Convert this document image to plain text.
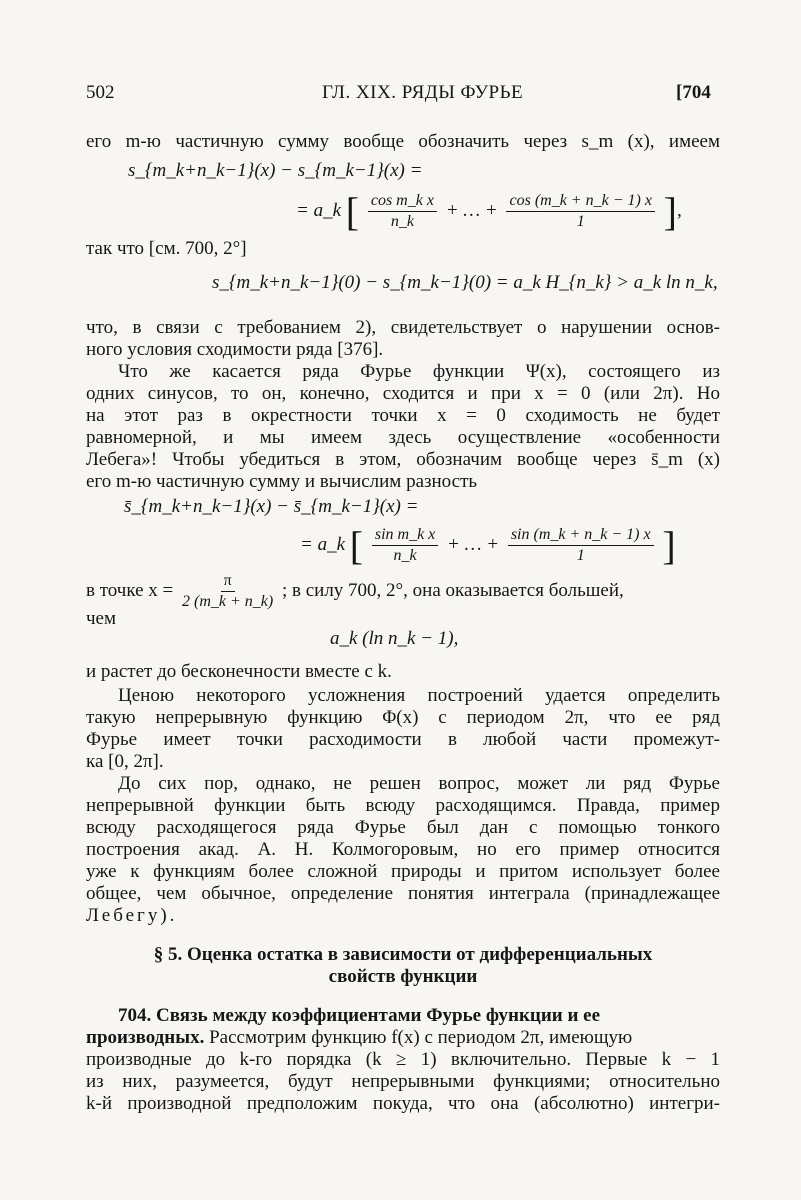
502	ГЛ. XIX. РЯДЫ ФУРЬЕ	[704
его m-ю частичную сумму вообще обозначить через s_m (x), имеем
s_{m_k+n_k−1}(x) − s_{m_k−1}(x) =
= a_k [ $\frac{\text{cos m\_k x}}{n\_k}$ + … + $\frac{\cos (m\_k + n\_k - 1) x}{1}$ ],
так что [см. 700, 2°]
s_{m_k+n_k−1}(0) − s_{m_k−1}(0) = a_k H_{n_k} > a_k ln n_k,
что, в связи с требованием 2), свидетельствует о нарушении основ-
ного условия сходимости ряда [376].
Что же касается ряда Фурье функции Ψ(x), состоящего из
одних синусов, то он, конечно, сходится и при x = 0 (или 2π). Но
на этот раз в окрестности точки x = 0 сходимость не будет
равномерной, и мы имеем здесь осуществление «особенности
Лебега»! Чтобы убедиться в этом, обозначим вообще через s̄_m (x)
его m-ю частичную сумму и вычислим разность
s̄_{m_k+n_k−1}(x) − s̄_{m_k−1}(x) =
= a_k [ $\frac{\text{sin m\_k x}}{n\_k}$ + … + $\frac{\sin (m\_k + n\_k - 1) x}{1}$ ]
в точке $x = \frac{\pi}{2 (m\_k + n\_k)}$ ; в силу 700, 2°, она оказывается большей,
чем
a_k (ln n_k − 1),
и растет до бесконечности вместе с k.
Ценою некоторого усложнения построений удается определить
такую непрерывную функцию Φ(x) с периодом 2π, что ее ряд
Фурье имеет точки расходимости в любой части промежут-
ка [0, 2π].
До сих пор, однако, не решен вопрос, может ли ряд Фурье
непрерывной функции быть всюду расходящимся. Правда, пример
всюду расходящегося ряда Фурье был дан с помощью тонкого
построения акад. А. Н. Колмогоровым, но его пример относится
уже к функциям более сложной природы и притом использует более
общее, чем обычное, определение понятия интеграла (принадлежащее
Лебегу).
§ 5. Оценка остатка в зависимости от дифференциальных
свойств функции
704. Связь между коэффициентами Фурье функции и ее
производных. Рассмотрим функцию f(x) с периодом 2π, имеющую
производные до k-го порядка (k ≥ 1) включительно. Первые k − 1
из них, разумеется, будут непрерывными функциями; относительно
k-й производной предположим покуда, что она (абсолютно) интегри-
